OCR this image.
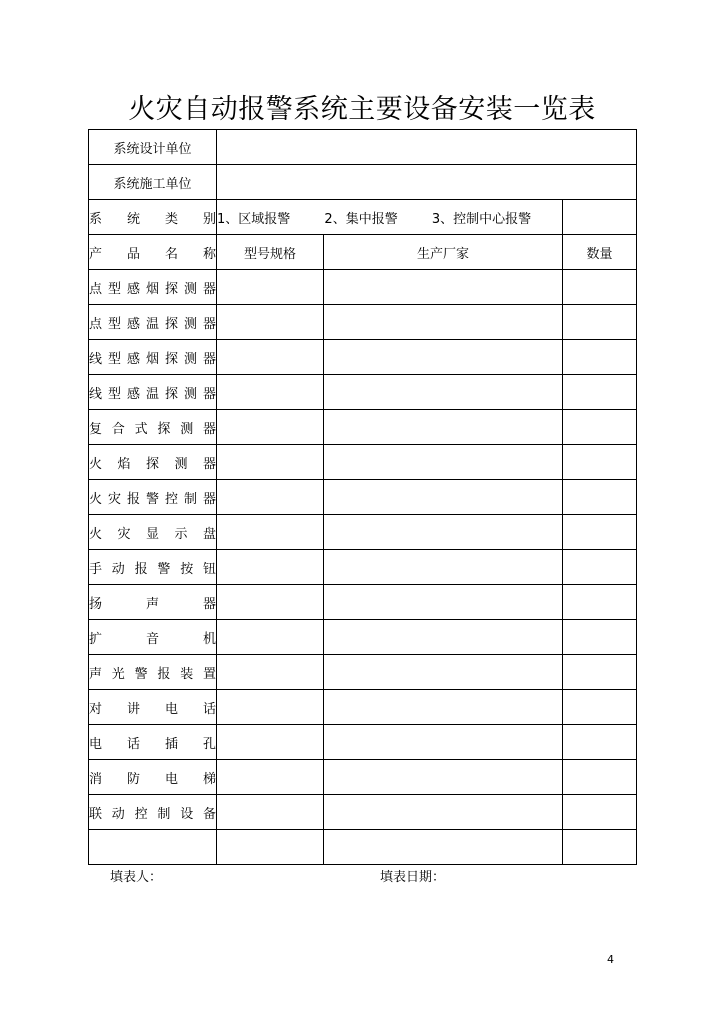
火灾自动报警系统主要设备安装一览表
系统设计单位			
系统施工单位			
系 统 类 别	1、区域报警 2、集中报警 3、控制中心报警		
产 品 名 称	型号规格	生产厂家	数量
点型感烟探测器			
点型感温探测器			
线型感烟探测器			
线型感温探测器			
复 合 式 探 测 器			
火 焰 探 测 器			
火灾报警控制器			
火 灾 显 示 盘			
手 动 报 警 按 钮			
扬 声 器			
扩 音 机			
声 光 警 报 装 置			
对 讲 电 话			
电 话 插 孔			
消 防 电 梯			
联 动 控 制 设 备			

填表人：	填表日期：
4
